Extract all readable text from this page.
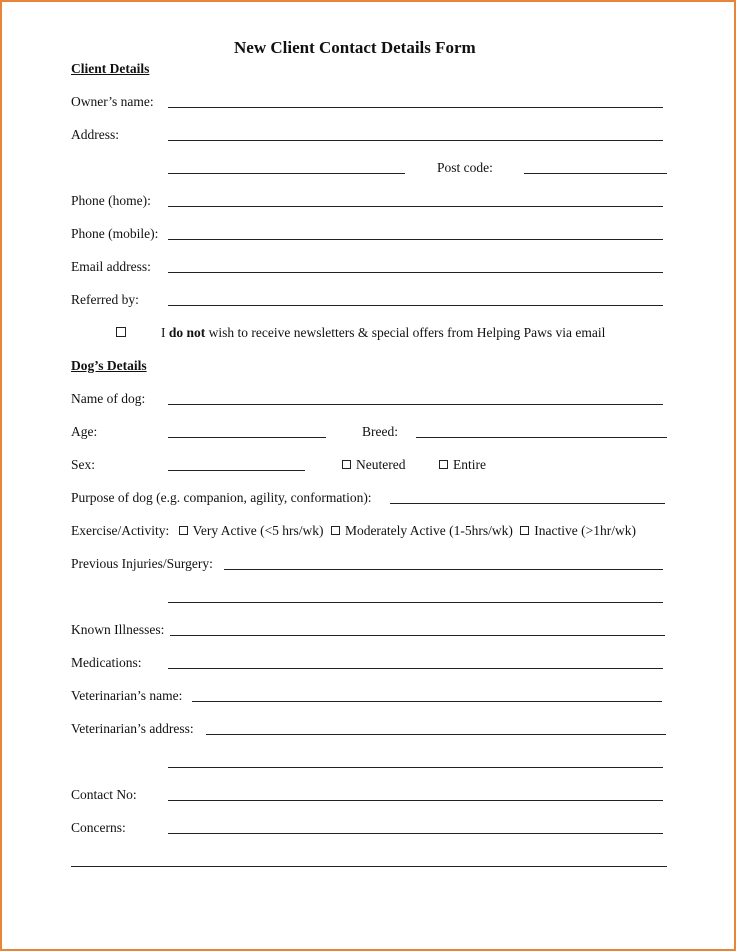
New Client Contact Details Form
Client Details
Owner’s name:
Address:
Post code:
Phone (home):
Phone (mobile):
Email address:
Referred by:
I do not wish to receive newsletters & special offers from Helping Paws via email
Dog’s Details
Name of dog:
Age:	Breed:
Sex:	Neutered	Entire
Purpose of dog (e.g. companion, agility, conformation):
Exercise/Activity: Very Active (<5 hrs/wk) Moderately Active (1-5hrs/wk) Inactive (>1hr/wk)
Previous Injuries/Surgery:
Known Illnesses:
Medications:
Veterinarian’s name:
Veterinarian’s address:
Contact No:
Concerns:
